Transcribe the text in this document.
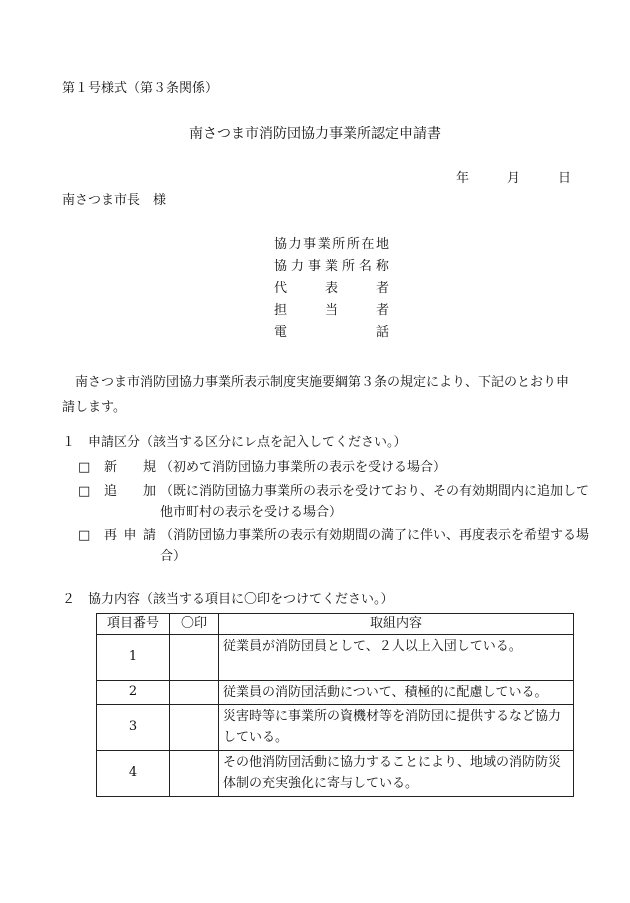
第１号様式（第３条関係）
南さつま市消防団協力事業所認定申請書
年	月	日
南さつま市長　様
協 力 事 業 所 所 在 地
協 力 事 業 所 名 称
代	表	者
担	当	者
電	話
南さつま市消防団協力事業所表示制度実施要綱第３条の規定により、下記のとおり申請します。
１　申請区分（該当する区分にレ点を記入してください。）
□	新 規 （初めて消防団協力事業所の表示を受ける場合）
□	追 加 （既に消防団協力事業所の表示を受けており、その有効期間内に追加して他市町村の表示を受ける場合）
□	再 申 請 （消防団協力事業所の表示有効期間の満了に伴い、再度表示を希望する場合）
２　協力内容（該当する項目に〇印をつけてください。）
項目番号	〇印	取組内容
1		従業員が消防団員として、２人以上入団している。
2		従業員の消防団活動について、積極的に配慮している。
3		災害時等に事業所の資機材等を消防団に提供するなど協力している。
4		その他消防団活動に協力することにより、地域の消防防災体制の充実強化に寄与している。
